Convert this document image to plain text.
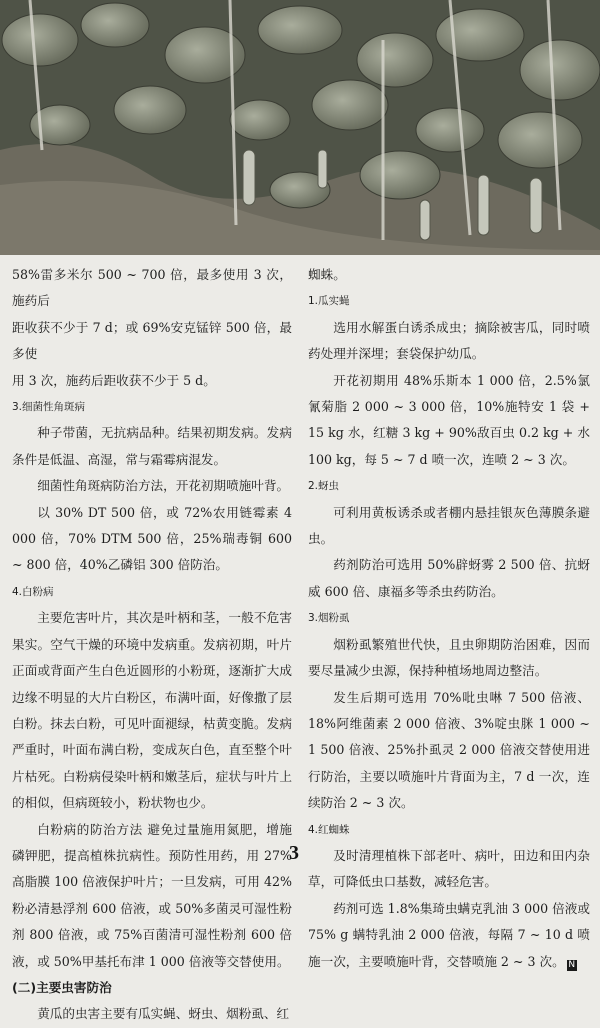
58%雷多米尔 500 ~ 700 倍，最多使用 3 次，施药后

距收获不少于 7 d；或 69%安克锰锌 500 倍，最多使

用 3 次，施药后距收获不少于 5 d。

3.细菌性角斑病

种子带菌，无抗病品种。结果初期发病。发病条件是低温、高湿，常与霜霉病混发。

细菌性角斑病防治方法，开花初期喷施叶背。

以 30% DT 500 倍，或 72%农用链霉素 4 000 倍，70% DTM 500 倍，25%瑞毒铜 600 ~ 800 倍，40%乙磷铝 300 倍防治。

4.白粉病

主要危害叶片，其次是叶柄和茎，一般不危害果实。空气干燥的环境中发病重。发病初期，叶片正面或背面产生白色近圆形的小粉斑，逐渐扩大成边缘不明显的大片白粉区，布满叶面，好像撒了层白粉。抹去白粉，可见叶面褪绿，枯黄变脆。发病严重时，叶面布满白粉，变成灰白色，直至整个叶片枯死。白粉病侵染叶柄和嫩茎后，症状与叶片上的相似，但病斑较小，粉状物也少。

白粉病的防治方法 避免过量施用氮肥，增施磷钾肥，提高植株抗病性。预防性用药，用 27%高脂膜 100 倍液保护叶片；一旦发病，可用 42%粉必清悬浮剂 600 倍液，或 50%多菌灵可湿性粉剂 800 倍液，或 75%百菌清可湿性粉剂 600 倍液，或 50%甲基托布津 1 000 倍液等交替使用。

(二)主要虫害防治

黄瓜的虫害主要有瓜实蝇、蚜虫、烟粉虱、红

蜘蛛。

1.瓜实蝇

选用水解蛋白诱杀成虫；摘除被害瓜，同时喷药处理并深埋；套袋保护幼瓜。

开花初期用 48%乐斯本 1 000 倍，2.5%氯氰菊脂 2 000 ~ 3 000 倍，10%施特安 1 袋 + 15 kg 水，红糖 3 kg + 90%敌百虫 0.2 kg + 水 100 kg，每 5 ~ 7 d 喷一次，连喷 2 ~ 3 次。

2.蚜虫

可利用黄板诱杀或者棚内悬挂银灰色薄膜条避虫。

药剂防治可选用 50%辟蚜雾 2 500 倍、抗蚜威 600 倍、康福多等杀虫药防治。

3.烟粉虱

烟粉虱繁殖世代快，且虫卵期防治困难，因而要尽量减少虫源，保持种植场地周边整洁。

发生后期可选用 70%吡虫啉 7 500 倍液、18%阿维菌素 2 000 倍液、3%啶虫脒 1 000 ~ 1 500 倍液、25%扑虱灵 2 000 倍液交替使用进行防治，主要以喷施叶片背面为主，7 d 一次，连续防治 2 ~ 3 次。

4.红蜘蛛

及时清理植株下部老叶、病叶，田边和田内杂草，可降低虫口基数，减轻危害。

药剂可选 1.8%集琦虫螨克乳油 3 000 倍液或 75% g 螨特乳油 2 000 倍液，每隔 7 ~ 10 d 喷施一次，主要喷施叶背，交替喷施 2 ~ 3 次。 N

3
